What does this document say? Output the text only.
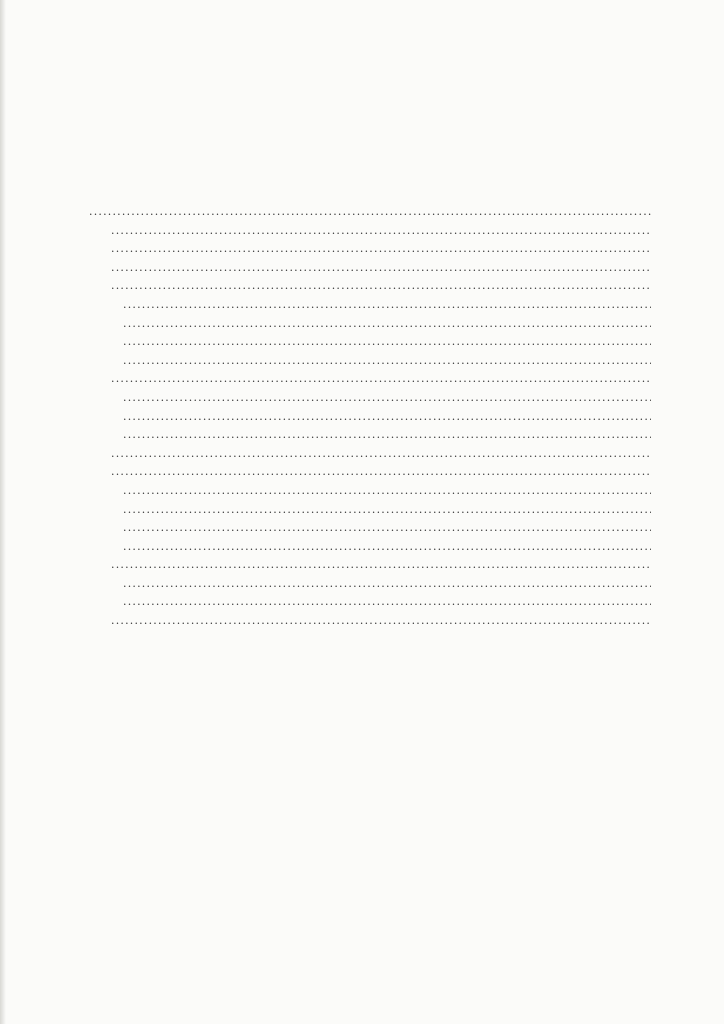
·····
·····
·····
·····
·····
·····
·····
·····
·····
·····
·····
·····
·····
·····
·····
·····
·····
·····
·····
·····
·····
·····
·····
